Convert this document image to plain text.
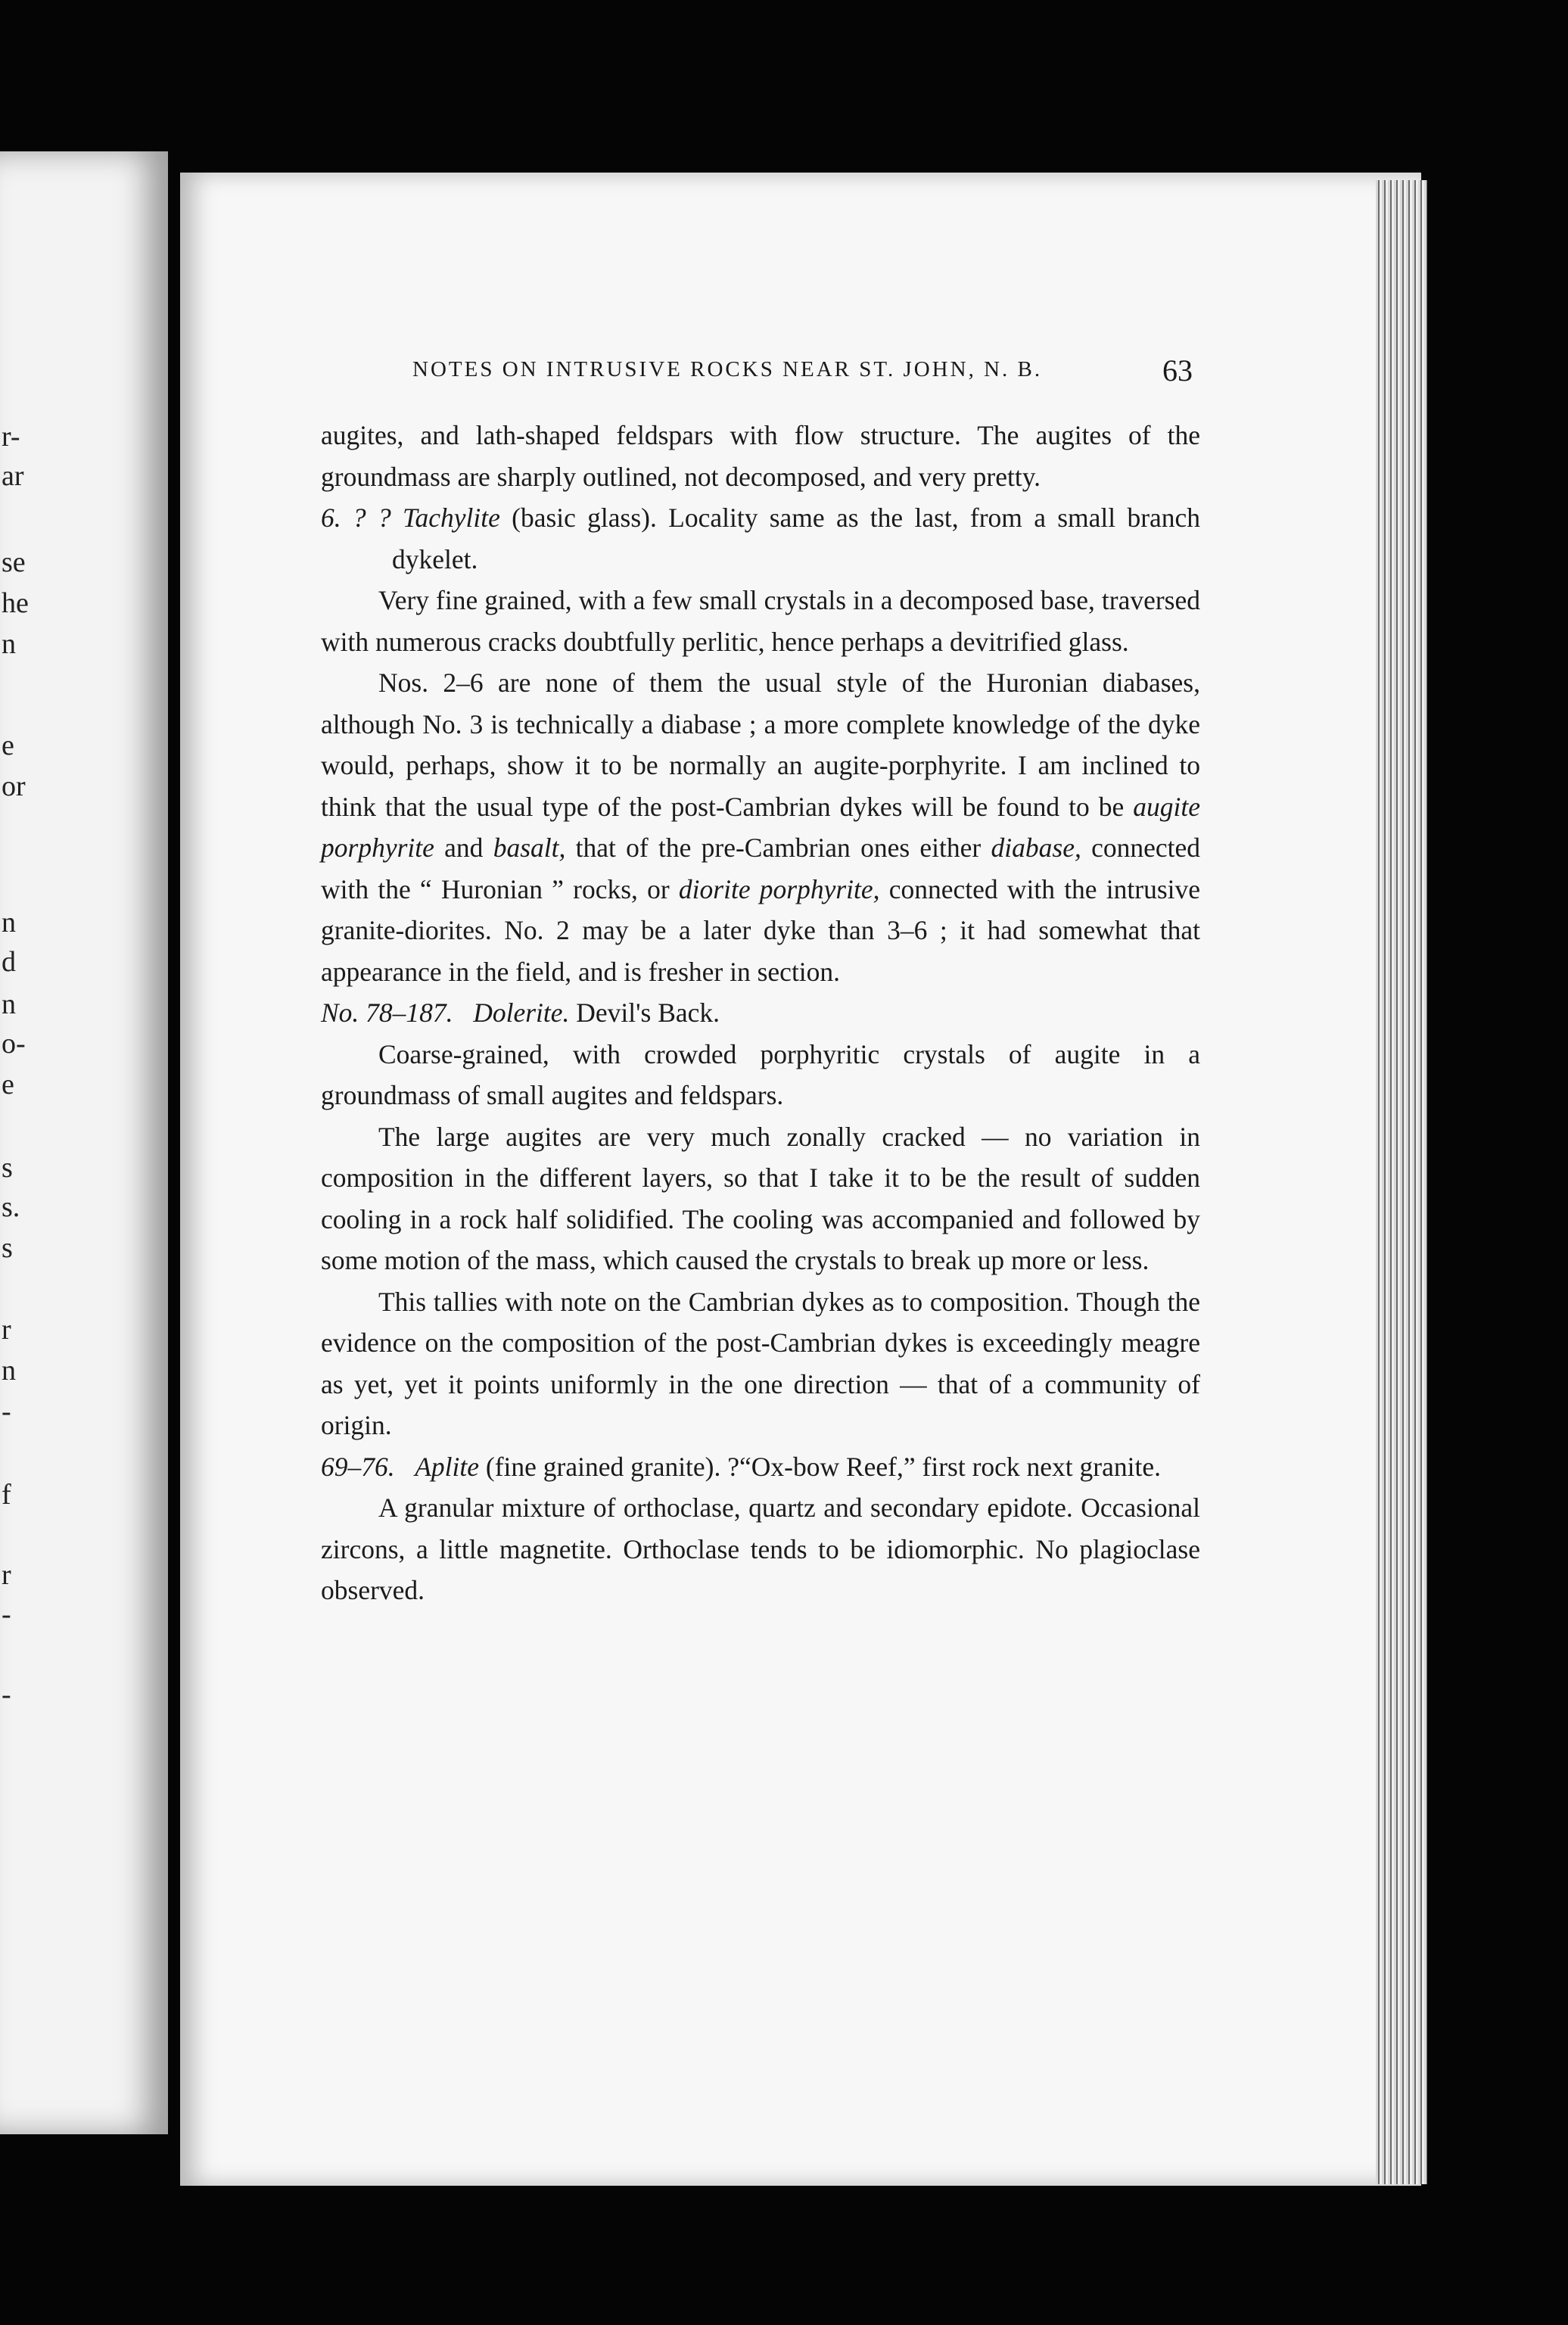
r-
ar
se
he
n
e
or
n
d
n
o-
e
s
s.
s
r
n
-
f
r
-
-
NOTES ON INTRUSIVE ROCKS NEAR ST. JOHN, N. B.	63

augites, and lath-shaped feldspars with flow structure. The augites of the groundmass are sharply outlined, not decomposed, and very pretty.

6. ? ? Tachylite (basic glass). Locality same as the last, from a small branch dykelet.

Very fine grained, with a few small crystals in a decomposed base, traversed with numerous cracks doubtfully perlitic, hence perhaps a devitrified glass.

Nos. 2–6 are none of them the usual style of the Huronian diabases, although No. 3 is technically a diabase ; a more complete knowledge of the dyke would, perhaps, show it to be normally an augite-porphyrite. I am inclined to think that the usual type of the post-Cambrian dykes will be found to be augite porphyrite and basalt, that of the pre-Cambrian ones either diabase, connected with the “ Huronian ” rocks, or diorite porphyrite, connected with the intrusive granite-diorites. No. 2 may be a later dyke than 3–6 ; it had somewhat that appearance in the field, and is fresher in section.

No. 78–187. Dolerite. Devil's Back.

Coarse-grained, with crowded porphyritic crystals of augite in a groundmass of small augites and feldspars.

The large augites are very much zonally cracked — no variation in composition in the different layers, so that I take it to be the result of sudden cooling in a rock half solidified. The cooling was accompanied and followed by some motion of the mass, which caused the crystals to break up more or less.

This tallies with note on the Cambrian dykes as to composition. Though the evidence on the composition of the post-Cambrian dykes is exceedingly meagre as yet, yet it points uniformly in the one direction — that of a community of origin.

69–76. Aplite (fine grained granite). ?“Ox-bow Reef,” first rock next granite.

A granular mixture of orthoclase, quartz and secondary epidote. Occasional zircons, a little magnetite. Orthoclase tends to be idiomorphic. No plagioclase observed.
